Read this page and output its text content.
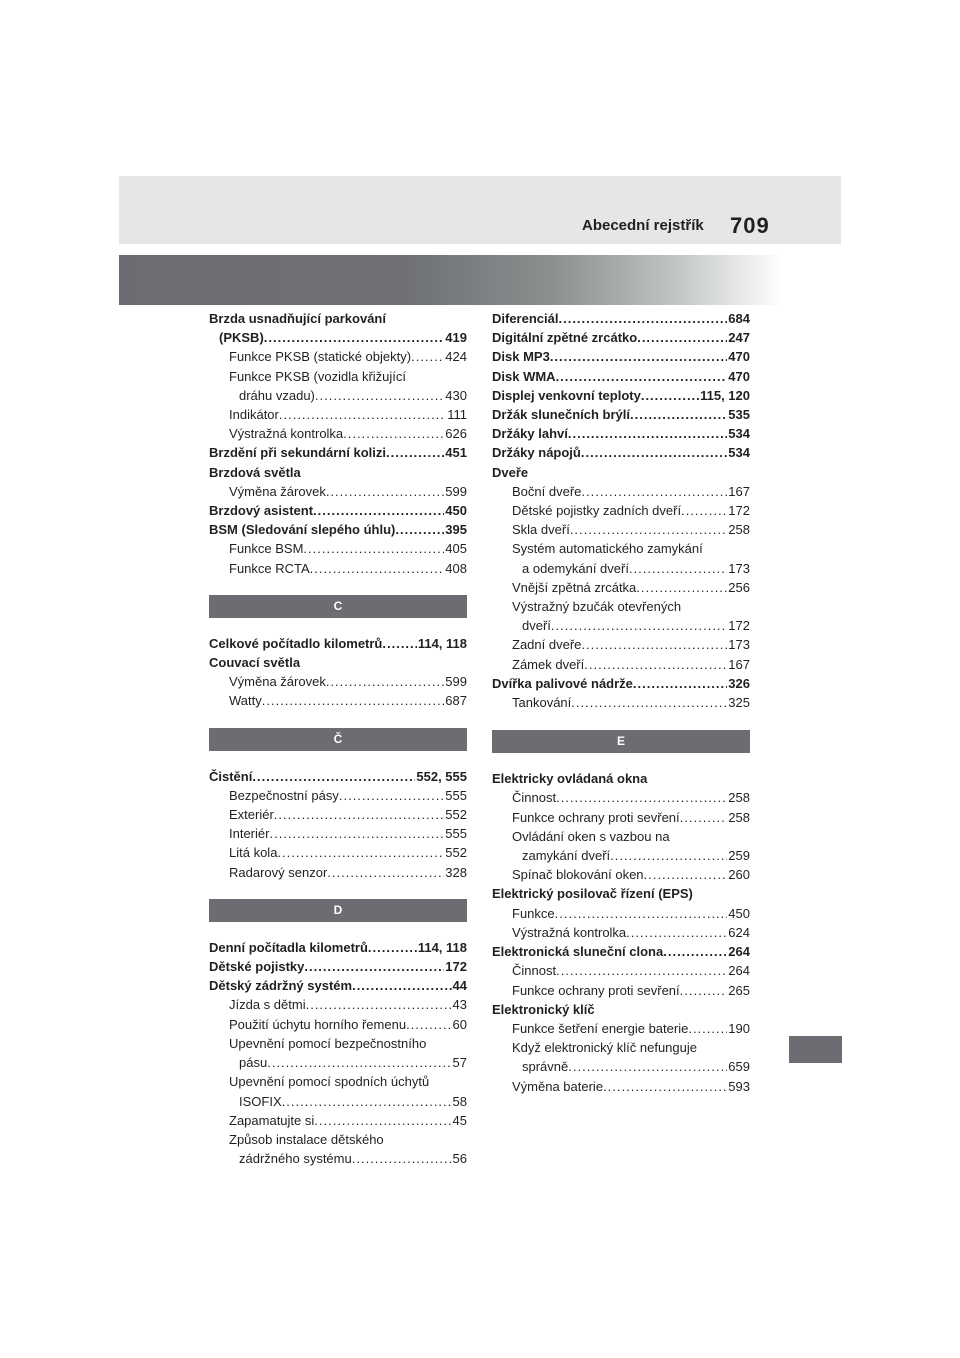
Abecední rejstřík 709
Brzda usnadňující parkování
(PKSB) .....	419
Funkce PKSB (statické objekty) .....	424
Funkce PKSB (vozidla křižující
dráhu vzadu) .....	430
Indikátor .....	111
Výstražná kontrolka .....	626
Brzdění při sekundární kolizi .....	451
Brzdová světla
Výměna žárovek .....	599
Brzdový asistent .....	450
BSM (Sledování slepého úhlu) .....	395
Funkce BSM .....	405
Funkce RCTA .....	408
C
Celkové počítadlo kilometrů .....	114, 118
Couvací světla
Výměna žárovek .....	599
Watty .....	687
Č
Čistění .....	552, 555
Bezpečnostní pásy .....	555
Exteriér .....	552
Interiér .....	555
Litá kola .....	552
Radarový senzor .....	328
D
Denní počítadla kilometrů .....	114, 118
Dětské pojistky .....	172
Dětský zádržný systém .....	44
Jízda s dětmi .....	43
Použití úchytu horního řemenu .....	60
Upevnění pomocí bezpečnostního
pásu .....	57
Upevnění pomocí spodních úchytů
ISOFIX .....	58
Zapamatujte si .....	45
Způsob instalace dětského
zádržného systému .....	56
Diferenciál .....	684
Digitální zpětné zrcátko .....	247
Disk MP3 .....	470
Disk WMA .....	470
Displej venkovní teploty .....	115, 120
Držák slunečních brýlí .....	535
Držáky lahví .....	534
Držáky nápojů .....	534
Dveře
Boční dveře .....	167
Dětské pojistky zadních dveří .....	172
Skla dveří .....	258
Systém automatického zamykání
a odemykání dveří .....	173
Vnější zpětná zrcátka .....	256
Výstražný bzučák otevřených
dveří .....	172
Zadní dveře .....	173
Zámek dveří .....	167
Dvířka palivové nádrže .....	326
Tankování .....	325
E
Elektricky ovládaná okna
Činnost .....	258
Funkce ochrany proti sevření .....	258
Ovládání oken s vazbou na
zamykání dveří .....	259
Spínač blokování oken .....	260
Elektrický posilovač řízení (EPS)
Funkce .....	450
Výstražná kontrolka .....	624
Elektronická sluneční clona .....	264
Činnost .....	264
Funkce ochrany proti sevření .....	265
Elektronický klíč
Funkce šetření energie baterie .....	190
Když elektronický klíč nefunguje
správně .....	659
Výměna baterie .....	593
